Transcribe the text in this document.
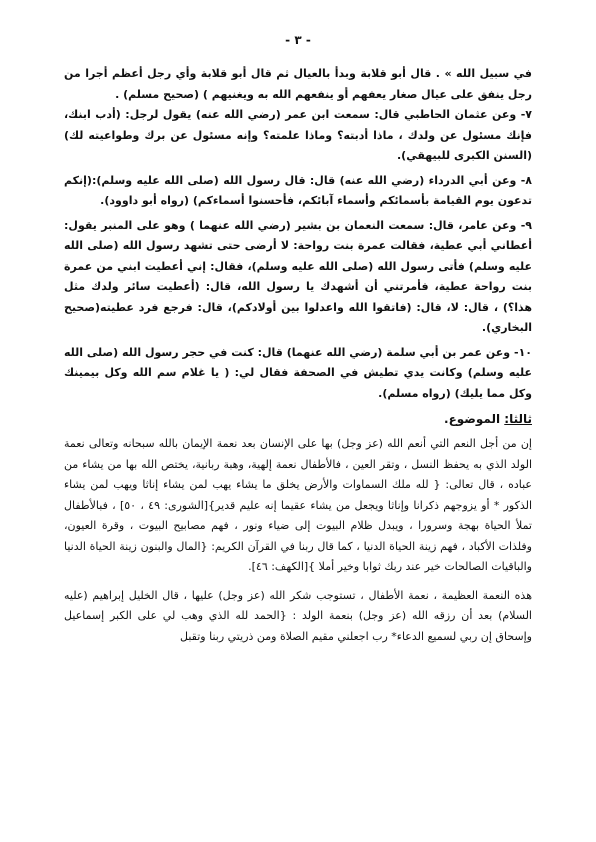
- ٣ -

في سبيل الله » . قال أبو قلابة وبدأ بالعيال ثم قال أبو قلابة وأي رجل أعظم أجرا من رجل ينفق على عيال صغار يعفهم أو ينفعهم الله به ويغنيهم ) (صحيح مسلم) .

٧- وعن عثمان الحاطبي قال: سمعت ابن عمر (رضي الله عنه) يقول لرجل: (أدب ابنك، فإنك مسئول عن ولدك ، ماذا أدبته؟ وماذا علمته؟ وإنه مسئول عن برك وطواعيته لك) (السنن الكبرى للبيهقي).

٨- وعن أبي الدرداء (رضي الله عنه) قال: قال رسول الله (صلى الله عليه وسلم):(إنكم تدعون يوم القيامة بأسمائكم وأسماء آبائكم، فأحسنوا أسماءكم) (رواه أبو داوود).

٩- وعن عامر، قال: سمعت النعمان بن بشير (رضي الله عنهما ) وهو على المنبر يقول: أعطاني أبي عطية، فقالت عمرة بنت رواحة: لا أرضى حتى تشهد رسول الله (صلى الله عليه وسلم) فأتى رسول الله (صلى الله عليه وسلم)، فقال: إني أعطيت ابني من عمرة بنت رواحة عطية، فأمرتني أن أشهدك يا رسول الله، قال: (أعطيت سائر ولدك مثل هذا؟) ، قال: لا، قال: (فاتقوا الله واعدلوا بين أولادكم)، قال: فرجع فرد عطيته(صحيح البخاري).

١٠- وعن عمر بن أبي سلمة (رضي الله عنهما) قال: كنت في حجر رسول الله (صلى الله عليه وسلم) وكانت يدي تطيش في الصحفة فقال لي: ( يا غلام سم الله وكل بيمينك وكل مما يليك) (رواه مسلم).

ثالثا: الموضوع.

إن من أجل النعم التي أنعم الله (عز وجل) بها على الإنسان بعد نعمة الإيمان بالله سبحانه وتعالى نعمة الولد الذي به يحفظ النسل ، وتقر العين ، فالأطفال نعمة إلهية، وهبة ربانية، يختص الله بها من يشاء من عباده ، قال تعالى: { لله ملك السماوات والأرض يخلق ما يشاء يهب لمن يشاء إناثا ويهب لمن يشاء الذكور * أو يزوجهم ذكرانا وإناثا ويجعل من يشاء عقيما إنه عليم قدير}[الشورى: ٤٩ ، ٥٠] ، فبالأطفال تملأ الحياة بهجة وسرورا ، ويبدل ظلام البيوت إلى ضياء ونور ، فهم مصابيح البيوت ، وقرة العيون، وفلذات الأكباد ، فهم زينة الحياة الدنيا ، كما قال ربنا في القرآن الكريم: {المال والبنون زينة الحياة الدنيا والباقيات الصالحات خير عند ربك ثوابا وخير أملا }[الكهف: ٤٦].

هذه النعمة العظيمة ، نعمة الأطفال ، تستوجب شكر الله (عز وجل) عليها ، قال الخليل إبراهيم (عليه السلام) بعد أن رزقه الله (عز وجل) بنعمة الولد : {الحمد لله الذي وهب لي على الكبر إسماعيل وإسحاق إن ربي لسميع الدعاء* رب اجعلني مقيم الصلاة ومن ذريتي ربنا وتقبل
